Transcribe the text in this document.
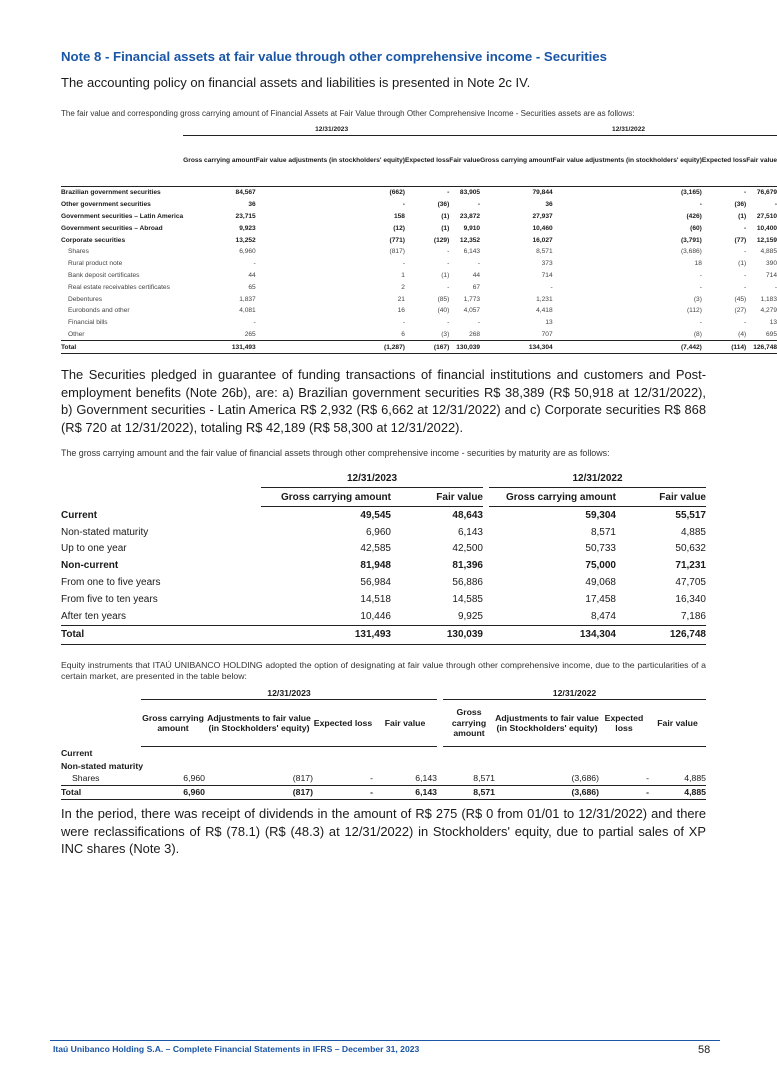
Note 8 - Financial assets at fair value through other comprehensive income - Securities

The accounting policy on financial assets and liabilities is presented in Note 2c IV.

The fair value and corresponding gross carrying amount of Financial Assets at Fair Value through Other Comprehensive Income - Securities assets are as follows:

	12/31/2023				12/31/2022			
	Gross carrying amount	Fair value adjustments (in stockholders' equity)	Expected loss	Fair value		Gross carrying amount	Fair value adjustments (in stockholders' equity)	Expected loss	Fair value
Brazilian government securities	84,567	(662)	-	83,905		79,844	(3,165)	-	76,679
Other government securities	36	-	(36)	-		36	-	(36)	-
Government securities – Latin America	23,715	158	(1)	23,872		27,937	(426)	(1)	27,510
Government securities – Abroad	9,923	(12)	(1)	9,910		10,460	(60)	-	10,400
Corporate securities	13,252	(771)	(129)	12,352		16,027	(3,791)	(77)	12,159
Shares	6,960	(817)	-	6,143		8,571	(3,686)	-	4,885
Rural product note	-	-	-	-		373	18	(1)	390
Bank deposit certificates	44	1	(1)	44		714	-	-	714
Real estate receivables certificates	65	2	-	67		-	-	-	-
Debentures	1,837	21	(85)	1,773		1,231	(3)	(45)	1,183
Eurobonds and other	4,081	16	(40)	4,057		4,418	(112)	(27)	4,279
Financial bills	-	-	-	-		13	-	-	13
Other	265	6	(3)	268		707	(8)	(4)	695
Total	131,493	(1,287)	(167)	130,039		134,304	(7,442)	(114)	126,748

The Securities pledged in guarantee of funding transactions of financial institutions and customers and Post-employment benefits (Note 26b), are: a) Brazilian government securities R$ 38,389 (R$ 50,918 at 12/31/2022), b) Government securities - Latin America R$ 2,932 (R$ 6,662 at 12/31/2022) and c) Corporate securities R$ 868 (R$ 720 at 12/31/2022), totaling R$ 42,189 (R$ 58,300 at 12/31/2022).

The gross carrying amount and the fair value of financial assets through other comprehensive income - securities by maturity are as follows:

	12/31/2023			12/31/2022	
	Gross carrying amount	Fair value		Gross carrying amount	Fair value
Current	49,545	48,643		59,304	55,517
Non-stated maturity	6,960	6,143		8,571	4,885
Up to one year	42,585	42,500		50,733	50,632
Non-current	81,948	81,396		75,000	71,231
From one to five years	56,984	56,886		49,068	47,705
From five to ten years	14,518	14,585		17,458	16,340
After ten years	10,446	9,925		8,474	7,186
Total	131,493	130,039		134,304	126,748

Equity instruments that ITAÚ UNIBANCO HOLDING adopted the option of designating at fair value through other comprehensive income, due to the particularities of a certain market, are presented in the table below:

	12/31/2023					12/31/2022			
	Gross carrying amount	Adjustments to fair value (in Stockholders' equity)	Expected loss	Fair value		Gross carrying amount	Adjustments to fair value (in Stockholders' equity)	Expected loss	Fair value
Current									
Non-stated maturity									
Shares	6,960	(817)	-	6,143		8,571	(3,686)	-	4,885
Total	6,960	(817)	-	6,143		8,571	(3,686)	-	4,885

In the period, there was receipt of dividends in the amount of R$ 275 (R$ 0 from 01/01 to 12/31/2022) and there were reclassifications of R$ (78.1) (R$ (48.3) at 12/31/2022) in Stockholders' equity, due to partial sales of XP INC shares (Note 3).

Itaú Unibanco Holding S.A. – Complete Financial Statements in IFRS – December 31, 2023	58
